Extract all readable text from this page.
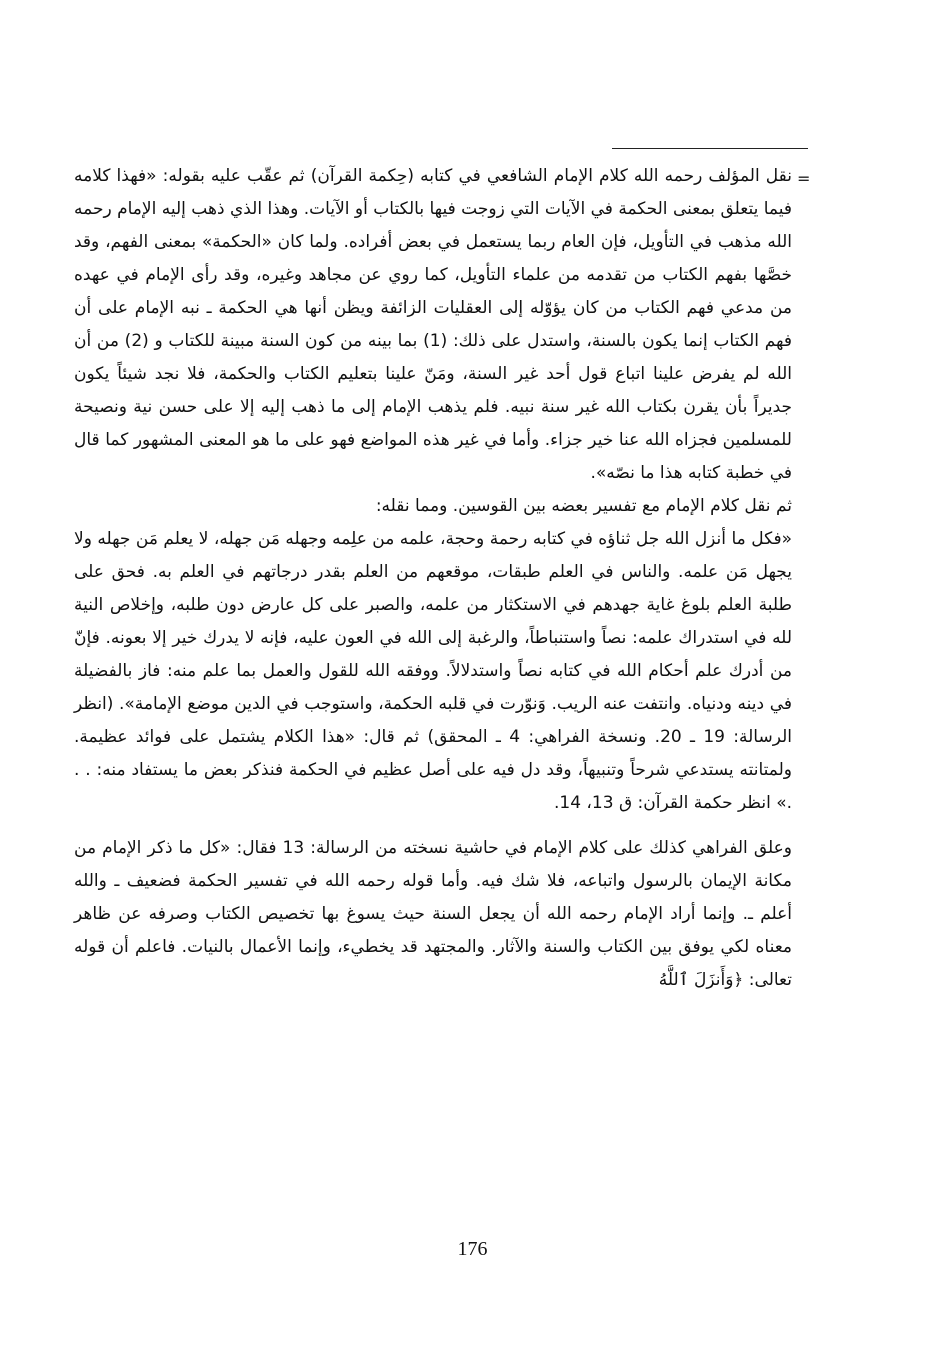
=

نقل المؤلف رحمه الله كلام الإمام الشافعي في كتابه (حِكمة القرآن) ثم عقّب عليه بقوله: «فهذا كلامه فيما يتعلق بمعنى الحكمة في الآيات التي زوجت فيها بالكتاب أو الآيات. وهذا الذي ذهب إليه الإمام رحمه الله مذهب في التأويل، فإن العام ربما يستعمل في بعض أفراده. ولما كان «الحكمة» بمعنى الفهم، وقد خصَّها بفهم الكتاب من تقدمه من علماء التأويل، كما روي عن مجاهد وغيره، وقد رأى الإمام في عهده من مدعي فهم الكتاب من كان يؤوّله إلى العقليات الزائفة ويظن أنها هي الحكمة ـ نبه الإمام على أن فهم الكتاب إنما يكون بالسنة، واستدل على ذلك: (1) بما بينه من كون السنة مبينة للكتاب و (2) من أن الله لم يفرض علينا اتباع قول أحد غير السنة، ومَنّ علينا بتعليم الكتاب والحكمة، فلا نجد شيئاً يكون جديراً بأن يقرن بكتاب الله غير سنة نبيه. فلم يذهب الإمام إلى ما ذهب إليه إلا على حسن نية ونصيحة للمسلمين فجزاه الله عنا خير جزاء. وأما في غير هذه المواضع فهو على ما هو المعنى المشهور كما قال في خطبة كتابه هذا ما نصّه».

ثم نقل كلام الإمام مع تفسير بعضه بين القوسين. ومما نقله:

«فكل ما أنزل الله جل ثناؤه في كتابه رحمة وحجة، علمه من علِمه وجهله مَن جهله، لا يعلم مَن جهله ولا يجهل مَن علمه. والناس في العلم طبقات، موقعهم من العلم بقدر درجاتهم في العلم به. فحق على طلبة العلم بلوغ غاية جهدهم في الاستكثار من علمه، والصبر على كل عارض دون طلبه، وإخلاص النية لله في استدراك علمه: نصاً واستنباطاً، والرغبة إلى الله في العون عليه، فإنه لا يدرك خير إلا بعونه. فإنّ من أدرك علم أحكام الله في كتابه نصاً واستدلالاً. ووفقه الله للقول والعمل بما علم منه: فاز بالفضيلة في دينه ودنياه. وانتفت عنه الريب. وَنوّرت في قلبه الحكمة، واستوجب في الدين موضع الإمامة». (انظر الرسالة: 19 ـ 20. ونسخة الفراهي: 4 ـ المحقق) ثم قال: «هذا الكلام يشتمل على فوائد عظيمة. ولمتانته يستدعي شرحاً وتنبيهاً، وقد دل فيه على أصل عظيم في الحكمة فنذكر بعض ما يستفاد منه: . . .» انظر حكمة القرآن: ق 13، 14.

وعلق الفراهي كذلك على كلام الإمام في حاشية نسخته من الرسالة: 13 فقال: «كل ما ذكر الإمام من مكانة الإيمان بالرسول واتباعه، فلا شك فيه. وأما قوله رحمه الله في تفسير الحكمة فضعيف ـ والله أعلم ـ. وإنما أراد الإمام رحمه الله أن يجعل السنة حيث يسوغ بها تخصيص الكتاب وصرفه عن ظاهر معناه لكي يوفق بين الكتاب والسنة والآثار. والمجتهد قد يخطيء، وإنما الأعمال بالنيات. فاعلم أن قوله تعالى: ﴿وَأَنزَلَ ٱللَّهُ

176
